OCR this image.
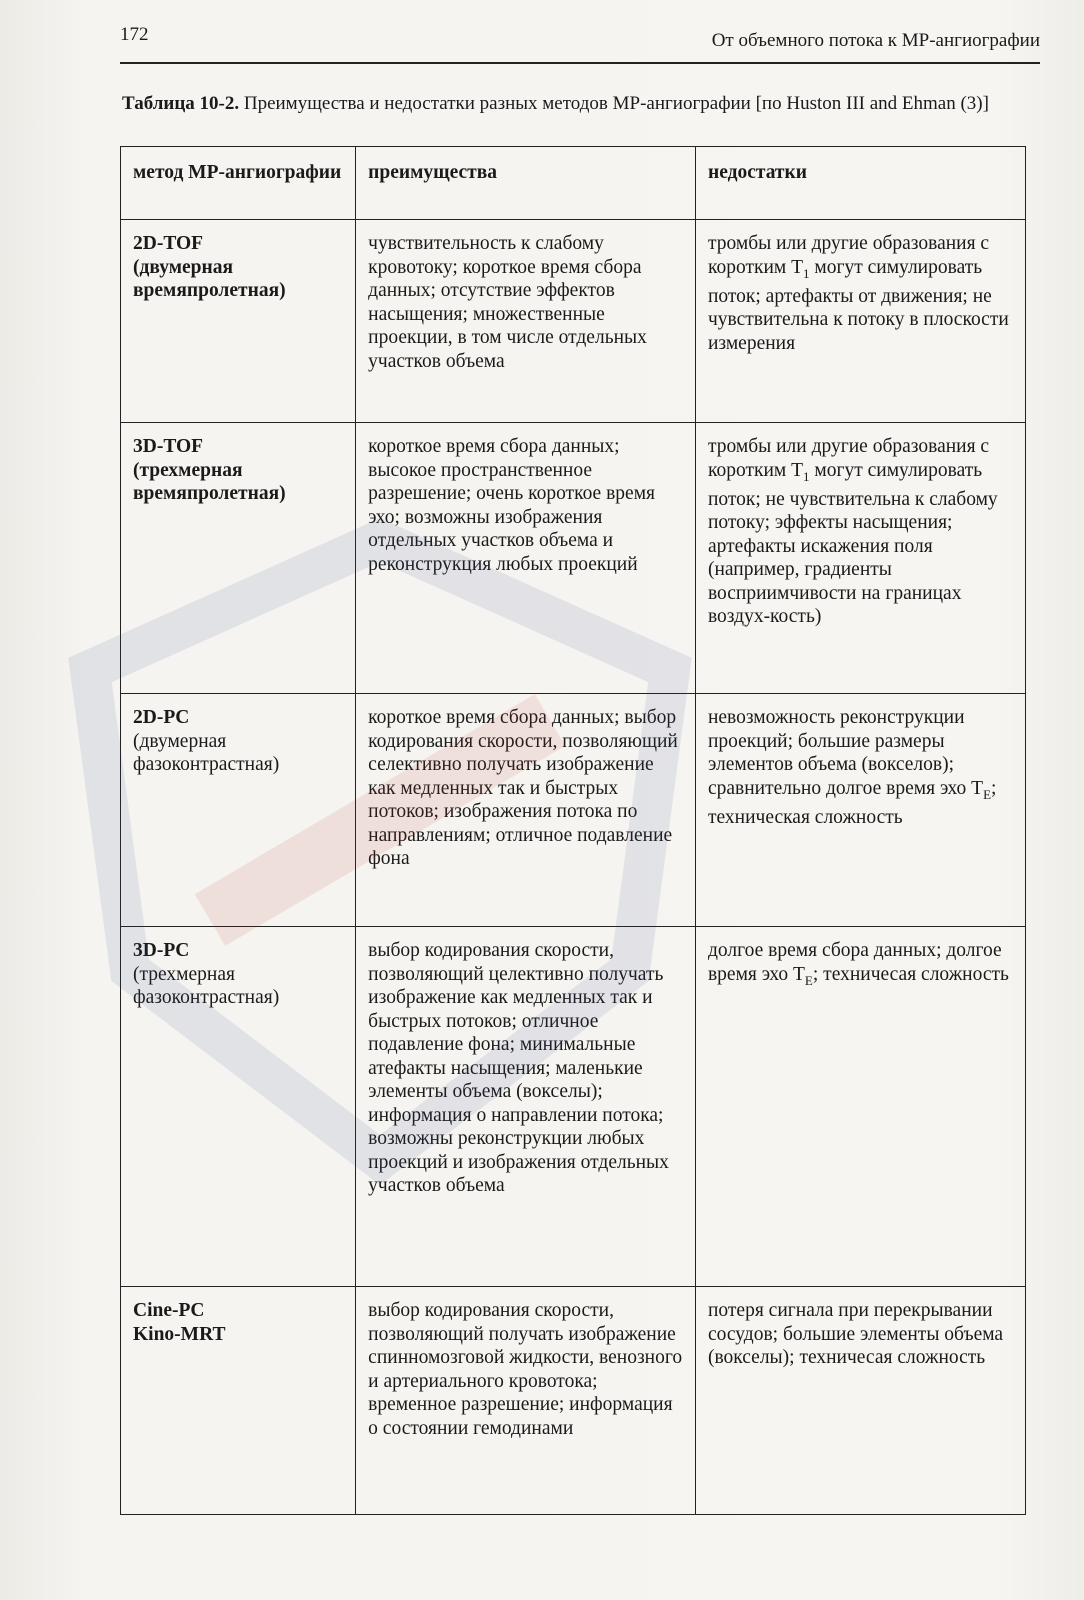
172	От объемного потока к МР-ангиографии
Таблица 10-2. Преимущества и недостатки разных методов МР-ангиографии [по Huston III and Ehman (3)]
метод МР-ангиографии	преимущества	недостатки

2D-TOF
(двумерная времяпролетная)	чувствительность к слабому кровотоку; короткое время сбора данных; отсутствие эффектов насыщения; множественные проекции, в том числе отдельных участков объема	тромбы или другие образования с коротким $T_1$ могут симулировать поток; артефакты от движения; не чувствительна к потоку в плоскости измерения

3D-TOF
(трехмерная времяпролетная)	короткое время сбора данных; высокое пространственное разрешение; очень короткое время эхо; возможны изображения отдельных участков объема и реконструкция любых проекций	тромбы или другие образования с коротким $T_1$ могут симулировать поток; не чувствительна к слабому потоку; эффекты насыщения; артефакты искажения поля (например, градиенты восприимчивости на границах воздух-кость)

2D-PC
(двумерная фазоконтрастная)	короткое время сбора данных; выбор кодирования скорости, позволяющий селективно получать изображение как медленных так и быстрых потоков; изображения потока по направлениям; отличное подавление фона	невозможность реконструкции проекций; большие размеры элементов объема (вокселов); сравнительно долгое время эхо $T_E$; техническая сложность

3D-PC
(трехмерная фазоконтрастная)	выбор кодирования скорости, позволяющий целективно получать изображение как медленных так и быстрых потоков; отличное подавление фона; минимальные атефакты насыщения; маленькие элементы объема (вокселы); информация о направлении потока; возможны реконструкции любых проекций и изображения отдельных участков объема	долгое время сбора данных; долгое время эхо $T_E$; техничесая сложность

Cine-PC
Kino-MRT	выбор кодирования скорости, позволяющий получать изображение спинномозговой жидкости, венозного и артериального кровотока; временное разрешение; информация о состоянии гемодинами	потеря сигнала при перекрывании сосудов; большие элементы объема (вокселы); техничесая сложность
